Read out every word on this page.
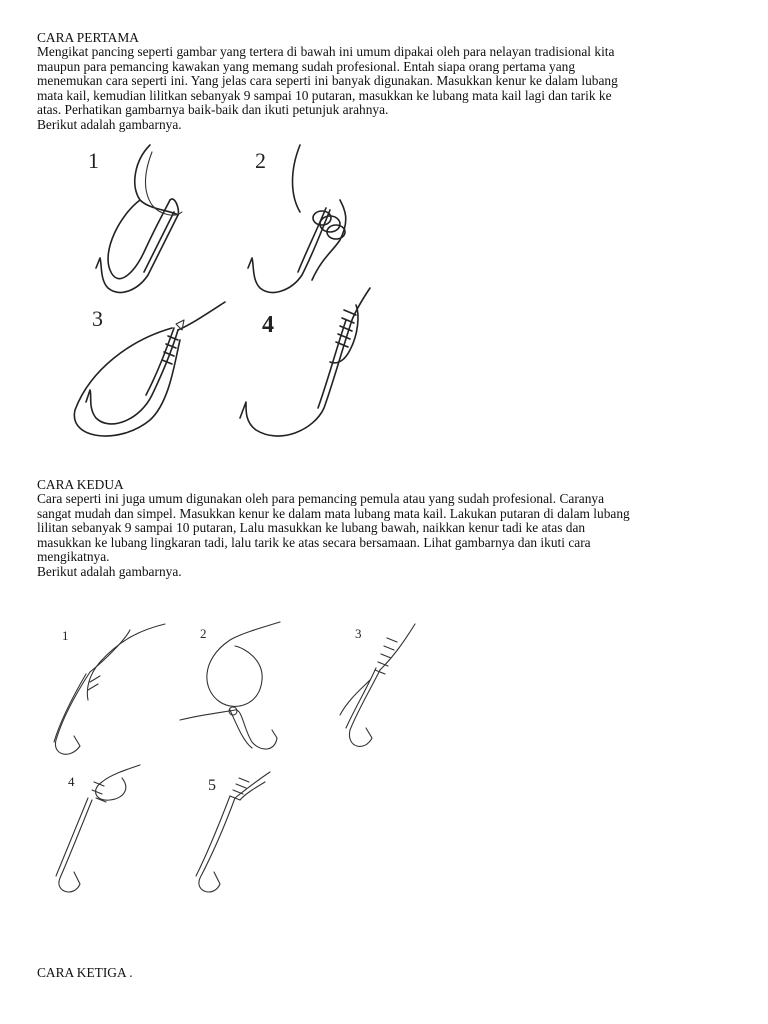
CARA PERTAMA
Mengikat pancing seperti gambar yang tertera di bawah ini umum dipakai oleh para nelayan tradisional kita
maupun para pemancing kawakan yang memang sudah profesional. Entah siapa orang pertama yang
menemukan cara seperti ini. Yang jelas cara seperti ini banyak digunakan. Masukkan kenur ke dalam lubang
mata kail, kemudian lilitkan sebanyak 9 sampai 10 putaran, masukkan ke lubang mata kail lagi dan tarik ke
atas. Perhatikan gambarnya baik-baik dan ikuti petunjuk arahnya.
Berikut adalah gambarnya.
1	2
3	4
CARA KEDUA
Cara seperti ini juga umum digunakan oleh para pemancing pemula atau yang sudah profesional. Caranya
sangat mudah dan simpel. Masukkan kenur ke dalam mata lubang mata kail. Lakukan putaran di dalam lubang
lilitan sebanyak 9 sampai 10 putaran, Lalu masukkan ke lubang bawah, naikkan kenur tadi ke atas dan
masukkan ke lubang lingkaran tadi, lalu tarik ke atas secara bersamaan. Lihat gambarnya dan ikuti cara
mengikatnya.
Berikut adalah gambarnya.
1	2	3
4	5
CARA KETIGA .
